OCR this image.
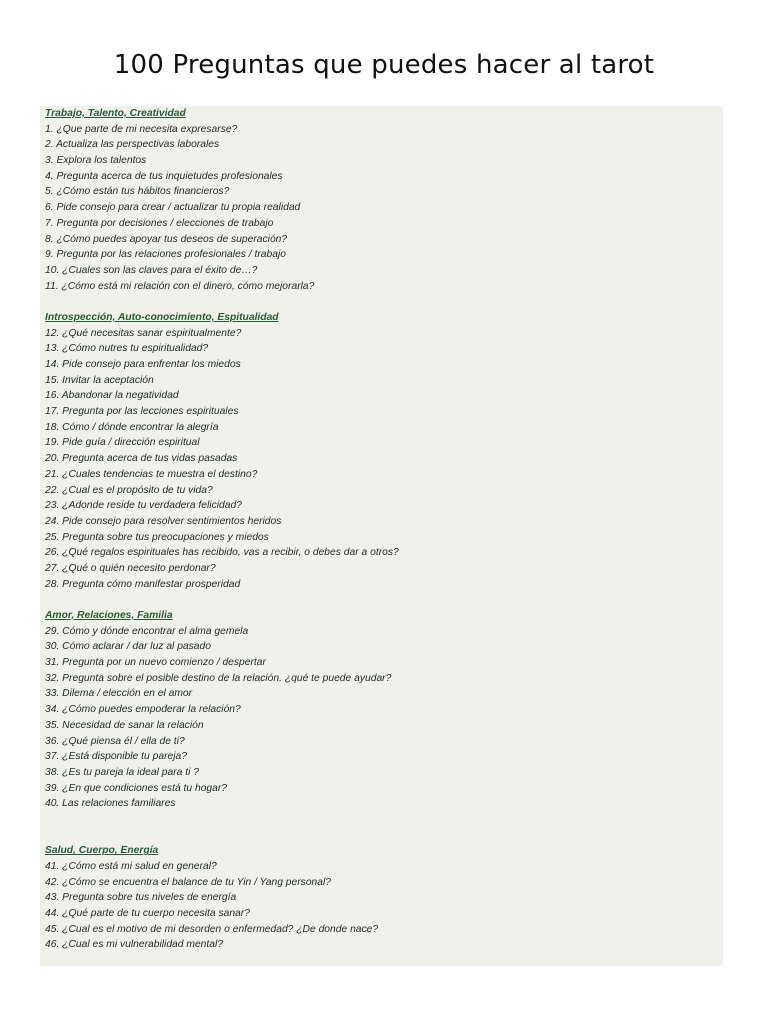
100 Preguntas que puedes hacer al tarot
Trabajo, Talento, Creatividad
1. ¿Que parte de mi necesita expresarse?
2. Actualiza las perspectivas laborales
3. Explora los talentos
4. Pregunta acerca de tus inquietudes profesionales
5. ¿Cómo están tus hábitos financieros?
6. Pide consejo para crear / actualizar tu propia realidad
7. Pregunta por decisiones / elecciones de trabajo
8. ¿Cómo puedes apoyar tus deseos de superación?
9. Pregunta por las relaciones profesionales / trabajo
10. ¿Cuales son las claves para el éxito de…?
11. ¿Cómo está mi relación con el dinero, cómo mejorarla?
Introspección, Auto-conocimiento, Espitualidad
12. ¿Qué necesitas sanar espiritualmente?
13. ¿Cómo nutres tu espiritualidad?
14. Pide consejo para enfrentar los miedos
15. Invitar la aceptación
16. Abandonar la negatividad
17. Pregunta por las lecciones espirituales
18. Cómo / dónde encontrar la alegría
19. Pide guía / dirección espiritual
20. Pregunta acerca de tus vidas pasadas
21. ¿Cuales tendencias te muestra el destino?
22. ¿Cual es el propósito de tu vida?
23. ¿Adonde reside tu verdadera felicidad?
24. Pide consejo para resolver sentimientos heridos
25. Pregunta sobre tus preocupaciones y miedos
26. ¿Qué regalos espirituales has recibido, vas a recibir, o debes dar a otros?
27. ¿Qué o quién necesito perdonar?
28. Pregunta cómo manifestar prosperidad
Amor, Relaciones, Familia
29. Cómo y dónde encontrar el alma gemela
30. Cómo aclarar / dar luz al pasado
31. Pregunta por un nuevo comienzo / despertar
32. Pregunta sobre el posible destino de la relación. ¿qué te puede ayudar?
33. Dilema / elección en el amor
34. ¿Cómo puedes empoderar la relación?
35. Necesidad de sanar la relación
36. ¿Qué piensa él / ella de ti?
37. ¿Está disponible tu pareja?
38. ¿Es tu pareja la ideal para ti ?
39. ¿En que condiciones está tu hogar?
40. Las relaciones familiares
Salud, Cuerpo, Energía
41. ¿Cómo está mi salud en general?
42. ¿Cómo se encuentra el balance de tu Yin / Yang personal?
43. Pregunta sobre tus niveles de energía
44. ¿Qué parte de tu cuerpo necesita sanar?
45. ¿Cual es el motivo de mi desorden o enfermedad? ¿De donde nace?
46. ¿Cual es mi vulnerabilidad mental?
